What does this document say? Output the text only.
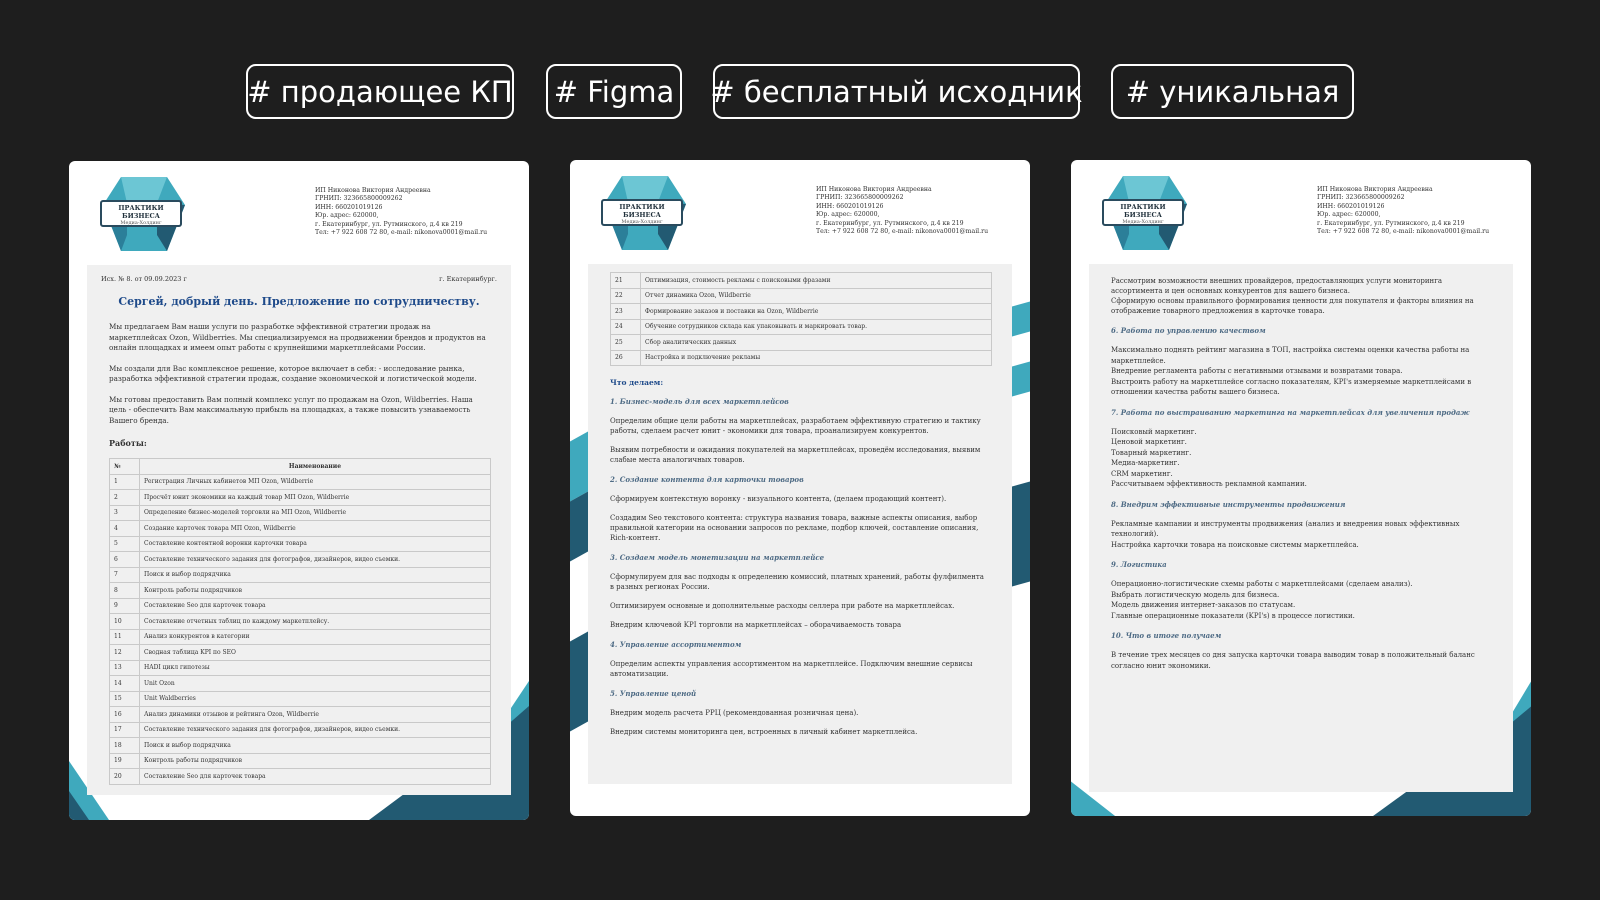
# продающее КП # Figma # бесплатный исходник	# уникальная
ПРАКТИКИ
БИЗНЕСА
Медиа-Холдинг
ИП Никонова Виктория Андреевна
ГРНИП: 323665800009262
ИНН: 660201019126
Юр. адрес: 620000,
г. Екатеринбург, ул. Рутминского, д.4 кв 219
Тел: +7 922 608 72 80, e-mail: nikonova0001@mail.ru
Исх. № 8. от 09.09.2023 г	г. Екатеринбург.
Сергей, добрый день. Предложение по сотрудничеству.
Мы предлагаем Вам наши услуги по разработке эффективной стратегии продаж на маркетплейсах Ozon, Wildberries. Мы специализируемся на продвижении брендов и продуктов на онлайн площадках и имеем опыт работы с крупнейшими маркетплейсами России.
Мы создали для Вас комплексное решение, которое включает в себя: - исследование рынка, разработка эффективной стратегии продаж, создание экономической и логистической модели.
Мы готовы предоставить Вам полный комплекс услуг по продажам на Ozon, Wildberries. Наша цель - обеспечить Вам максимальную прибыль на площадках, а также повысить узнаваемость Вашего бренда.
Работы:
№	Наименование
1	Регистрация Личных кабинетов МП Ozon, Wildberrie
2	Просчёт юнит экономики на каждый товар МП Ozon, Wildberrie
3	Определение бизнес-моделей торговли на МП Ozon, Wildberrie
4	Создание карточек товара МП Ozon, Wildberrie
5	Составление контентной воронки карточки товара
6	Составление технического задания для фотографов, дизайнеров, видео съемки.
7	Поиск и выбор подрядчика
8	Контроль работы подрядчиков
9	Составление Seo для карточек товара
10	Составление отчетных таблиц по каждому маркетплейсу.
11	Анализ конкурентов в категории
12	Сводная таблица KPI по SEO
13	HADI цикл гипотезы
14	Unit Ozon
15	Unit Waldberries
16	Анализ динамики отзывов и рейтинга Ozon, Wildberrie
17	Составление технического задания для фотографов, дизайнеров, видео съемки.
18	Поиск и выбор подрядчика
19	Контроль работы подрядчиков
20	Составление Seo для карточек товара
ПРАКТИКИ
БИЗНЕСА
Медиа-Холдинг
ИП Никонова Виктория Андреевна
ГРНИП: 323665800009262
ИНН: 660201019126
Юр. адрес: 620000,
г. Екатеринбург, ул. Рутминского, д.4 кв 219
Тел: +7 922 608 72 80, e-mail: nikonova0001@mail.ru
21	Оптимизация, стоимость рекламы с поисковыми фразами
22	Отчет динамика Ozon, Wildberrie
23	Формирование заказов и поставки на Ozon, Wildberrie
24	Обучение сотрудников склада как упаковывать и маркировать товар.
25	Сбор аналитических данных
26	Настройка и подключение рекламы
Что делаем:
1. Бизнес-модель для всех маркетплейсов
Определим общие цели работы на маркетплейсах, разработаем эффективную стратегию и тактику работы, сделаем расчет юнит - экономики для товара, проанализируем конкурентов.
Выявим потребности и ожидания покупателей на маркетплейсах, проведём исследования, выявим слабые места аналогичных товаров.
2. Создание контента для карточки товаров
Сформируем контекстную воронку - визуального контента, (делаем продающий контент).
Создадим Seo текстового контента: структура названия товара, важные аспекты описания, выбор правильной категории на основании запросов по рекламе, подбор ключей, составление описания, Rich-контент.
3. Создаем модель монетизации на маркетплейсе
Сформулируем для вас подходы к определению комиссий, платных хранений, работы фулфилмента в разных регионах России.
Оптимизируем основные и дополнительные расходы селлера при работе на маркетплейсах.
Внедрим ключевой KPI торговли на маркетплейсах – оборачиваемость товара
4. Управление ассортиментом
Определим аспекты управления ассортиментом на маркетплейсе. Подключим внешние сервисы автоматизации.
5. Управление ценой
Внедрим модель расчета РРЦ (рекомендованная розничная цена).
Внедрим системы мониторинга цен, встроенных в личный кабинет маркетплейса.
ПРАКТИКИ
БИЗНЕСА
Медиа-Холдинг
ИП Никонова Виктория Андреевна
ГРНИП: 323665800009262
ИНН: 660201019126
Юр. адрес: 620000,
г. Екатеринбург, ул. Рутминского, д.4 кв 219
Тел: +7 922 608 72 80, e-mail: nikonova0001@mail.ru
Рассмотрим возможности внешних провайдеров, предоставляющих услуги мониторинга ассортимента и цен основных конкурентов для вашего бизнеса.
Сформирую основы правильного формирования ценности для покупателя и факторы влияния на отображение товарного предложения в карточке товара.
6. Работа по управлению качеством
Максимально поднять рейтинг магазина в ТОП, настройка системы оценки качества работы на маркетплейсе.
Внедрение регламента работы с негативными отзывами и возвратами товара.
Выстроить работу на маркетплейсе согласно показателям, KPI's измеряемые маркетплейсами в отношении качества работы вашего бизнеса.
7. Работа по выстраиванию маркетинга на маркетплейсах для увеличения продаж
Поисковый маркетинг.
Ценовой маркетинг.
Товарный маркетинг.
Медиа-маркетинг.
CRM маркетинг.
Рассчитываем эффективность рекламной кампании.
8. Внедрим эффективные инструменты продвижения
Рекламные кампании и инструменты продвижения (анализ и внедрения новых эффективных технологий).
Настройка карточки товара на поисковые системы маркетплейса.
9. Логистика
Операционно-логистические схемы работы с маркетплейсами (сделаем анализ).
Выбрать логистическую модель для бизнеса.
Модель движения интернет-заказов по статусам.
Главные операционные показатели (KPI's) в процессе логистики.
10. Что в итоге получаем
В течение трех месяцев со дня запуска карточки товара выводим товар в положительный баланс согласно юнит экономики.
